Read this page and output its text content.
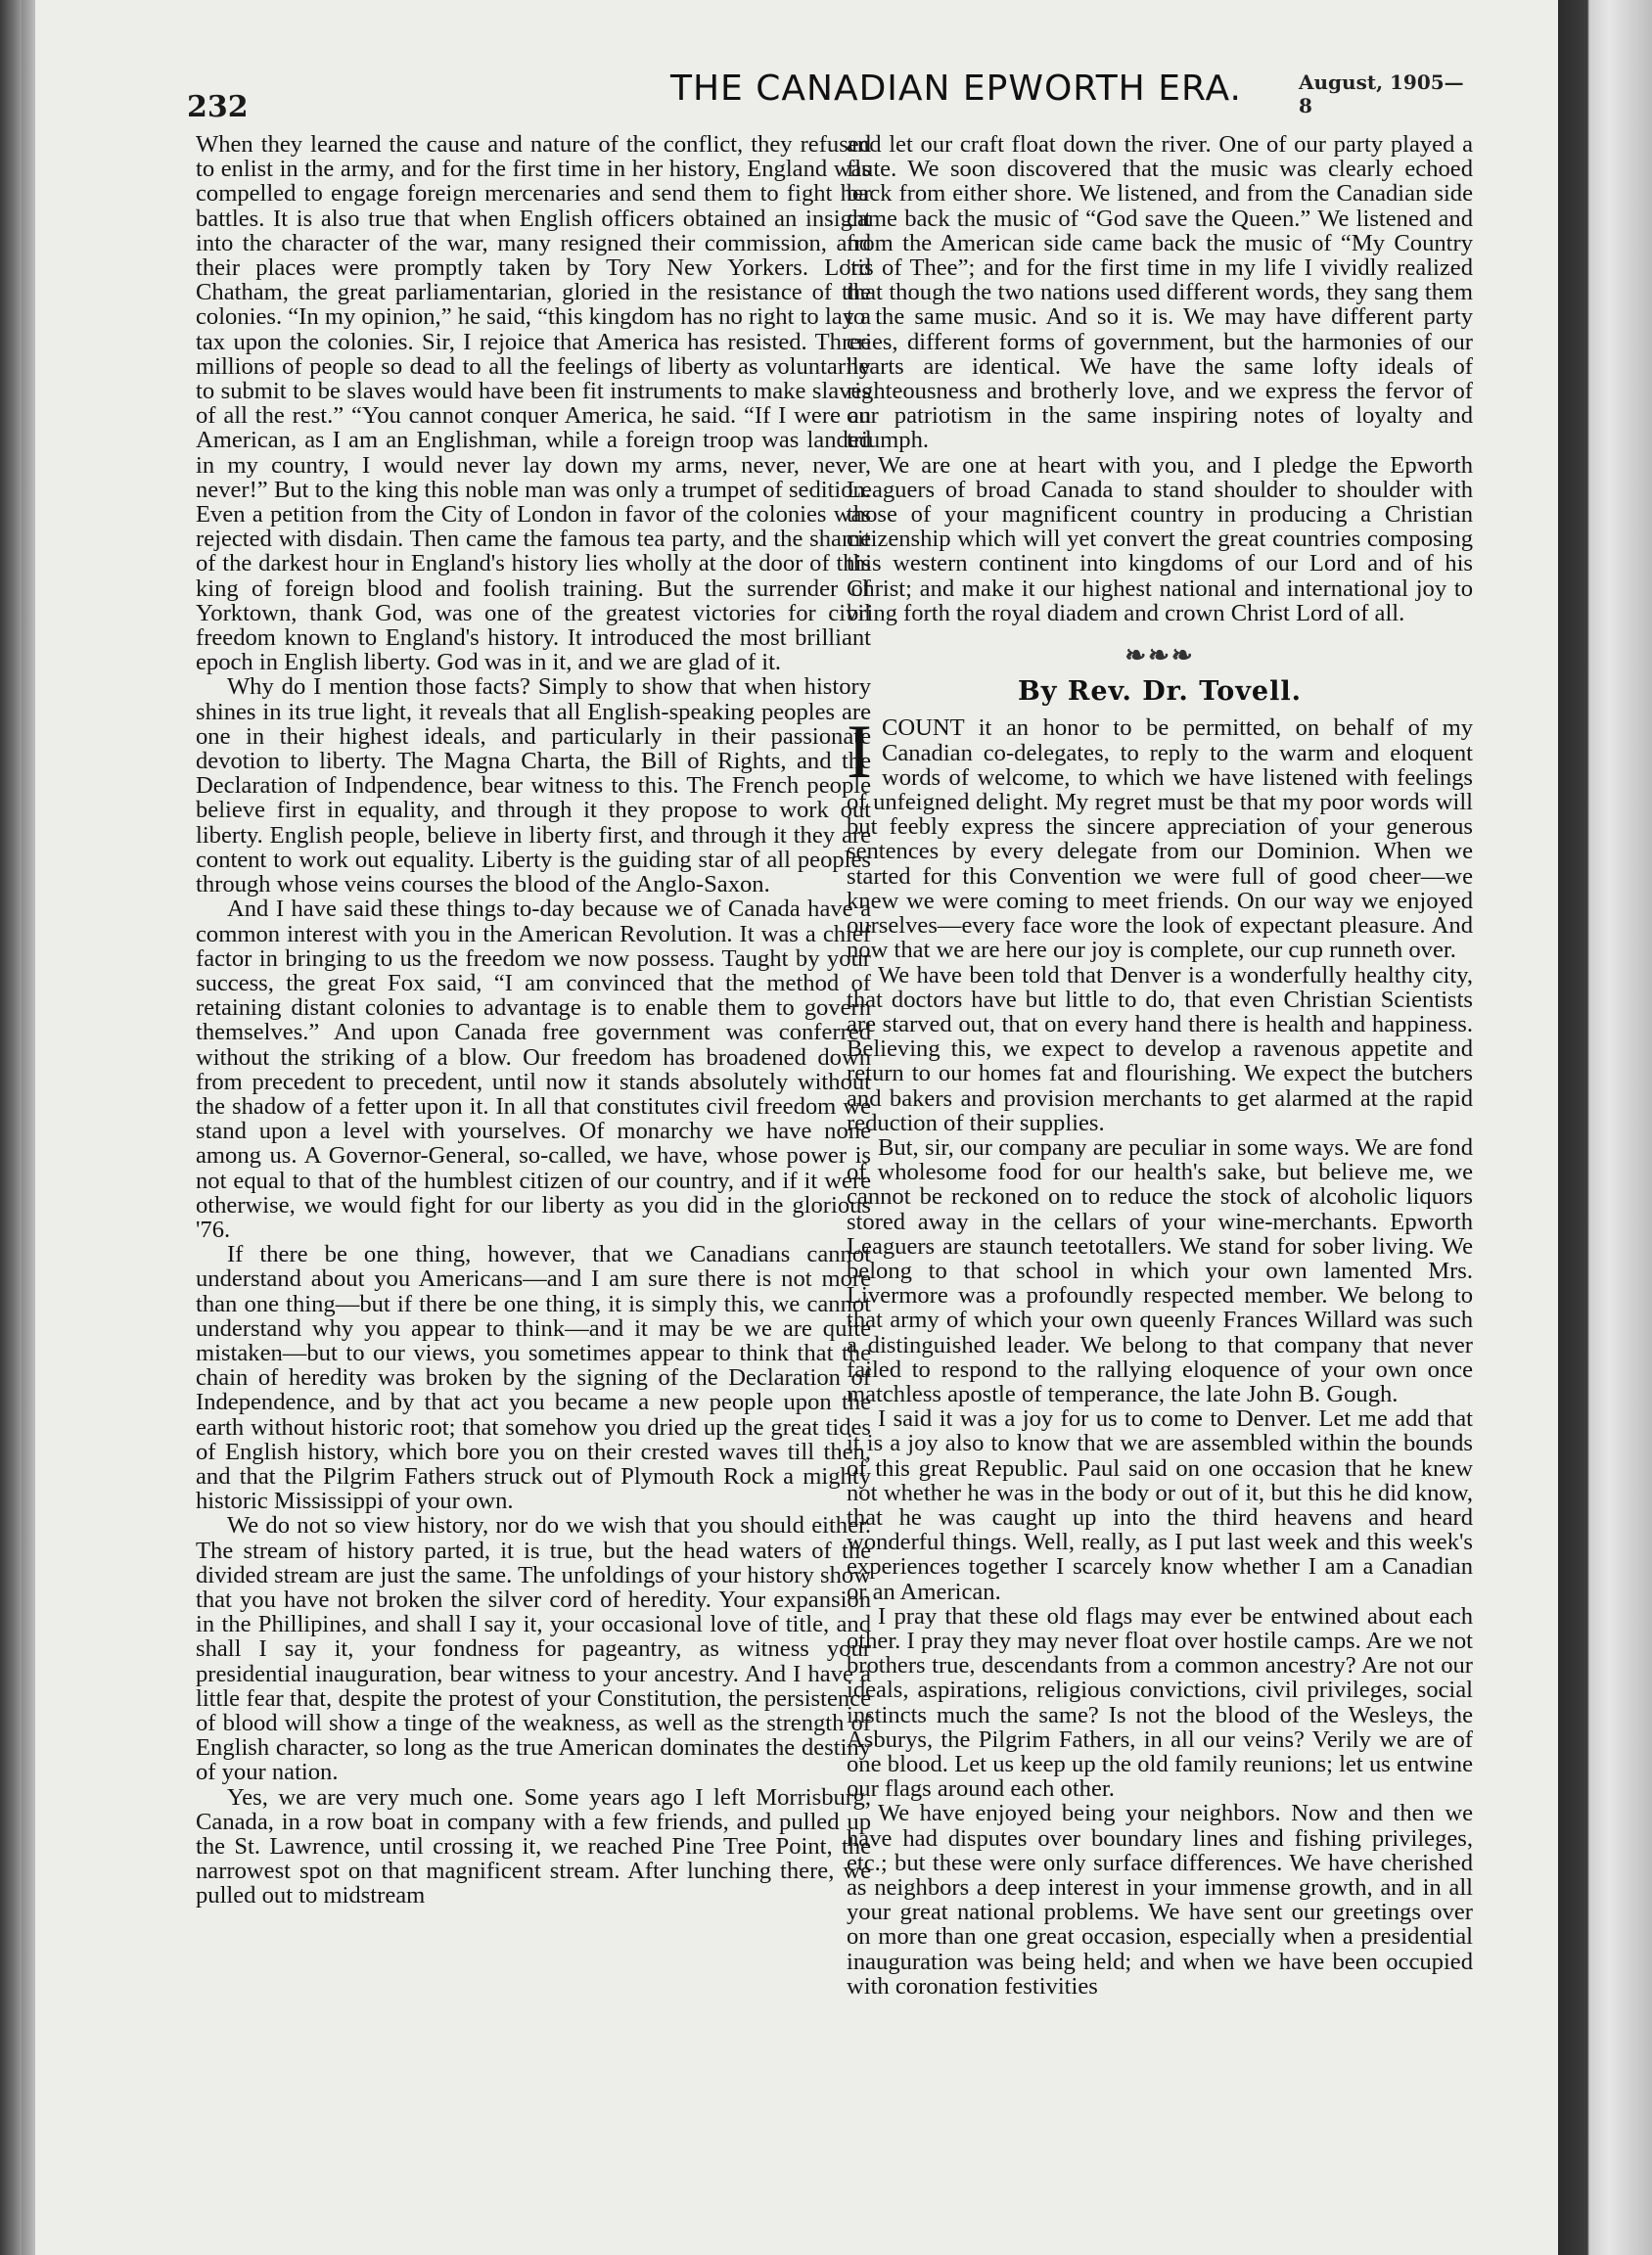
232	THE CANADIAN EPWORTH ERA.	August, 1905—8

When they learned the cause and nature of the conflict, they refused to enlist in the army, and for the first time in her history, England was compelled to engage foreign mercenaries and send them to fight her battles. It is also true that when English officers obtained an insight into the character of the war, many resigned their commission, and their places were promptly taken by Tory New Yorkers. Lord Chatham, the great parliamentarian, gloried in the resistance of the colonies. “In my opinion,” he said, “this kingdom has no right to lay a tax upon the colonies. Sir, I rejoice that America has resisted. Three millions of people so dead to all the feelings of liberty as voluntarily to submit to be slaves would have been fit instruments to make slaves of all the rest.” “You cannot conquer America, he said. “If I were an American, as I am an Englishman, while a foreign troop was landed in my country, I would never lay down my arms, never, never, never!” But to the king this noble man was only a trumpet of sedition. Even a petition from the City of London in favor of the colonies was rejected with disdain. Then came the famous tea party, and the shame of the darkest hour in England's history lies wholly at the door of this king of foreign blood and foolish training. But the surrender of Yorktown, thank God, was one of the greatest victories for civil freedom known to England's history. It introduced the most brilliant epoch in English liberty. God was in it, and we are glad of it.

Why do I mention those facts? Simply to show that when history shines in its true light, it reveals that all English-speaking peoples are one in their highest ideals, and particularly in their passionate devotion to liberty. The Magna Charta, the Bill of Rights, and the Declaration of Indpendence, bear witness to this. The French people believe first in equality, and through it they propose to work out liberty. English people, believe in liberty first, and through it they are content to work out equality. Liberty is the guiding star of all peoples through whose veins courses the blood of the Anglo-Saxon.

And I have said these things to-day because we of Canada have a common interest with you in the American Revolution. It was a chief factor in bringing to us the freedom we now possess. Taught by your success, the great Fox said, “I am convinced that the method of retaining distant colonies to advantage is to enable them to govern themselves.” And upon Canada free government was conferred without the striking of a blow. Our freedom has broadened down from precedent to precedent, until now it stands absolutely without the shadow of a fetter upon it. In all that constitutes civil freedom we stand upon a level with yourselves. Of monarchy we have none among us. A Governor-General, so-called, we have, whose power is not equal to that of the humblest citizen of our country, and if it were otherwise, we would fight for our liberty as you did in the glorious '76.

If there be one thing, however, that we Canadians cannot understand about you Americans—and I am sure there is not more than one thing—but if there be one thing, it is simply this, we cannot understand why you appear to think—and it may be we are quite mistaken—but to our views, you sometimes appear to think that the chain of heredity was broken by the signing of the Declaration of Independence, and by that act you became a new people upon the earth without historic root; that somehow you dried up the great tides of English history, which bore you on their crested waves till then, and that the Pilgrim Fathers struck out of Plymouth Rock a mighty historic Mississippi of your own.

We do not so view history, nor do we wish that you should either. The stream of history parted, it is true, but the head waters of the divided stream are just the same. The unfoldings of your history show that you have not broken the silver cord of heredity. Your expansion in the Phillipines, and shall I say it, your occasional love of title, and shall I say it, your fondness for pageantry, as witness your presidential inauguration, bear witness to your ancestry. And I have a little fear that, despite the protest of your Constitution, the persistence of blood will show a tinge of the weakness, as well as the strength of English character, so long as the true American dominates the destiny of your nation.

Yes, we are very much one. Some years ago I left Morrisburg, Canada, in a row boat in company with a few friends, and pulled up the St. Lawrence, until crossing it, we reached Pine Tree Point, the narrowest spot on that magnificent stream. After lunching there, we pulled out to midstream

and let our craft float down the river. One of our party played a flute. We soon discovered that the music was clearly echoed back from either shore. We listened, and from the Canadian side came back the music of “God save the Queen.” We listened and from the American side came back the music of “My Country 'tis of Thee”; and for the first time in my life I vividly realized that though the two nations used different words, they sang them to the same music. And so it is. We may have different party cries, different forms of government, but the harmonies of our hearts are identical. We have the same lofty ideals of righteousness and brotherly love, and we express the fervor of our patriotism in the same inspiring notes of loyalty and triumph.

We are one at heart with you, and I pledge the Epworth Leaguers of broad Canada to stand shoulder to shoulder with those of your magnificent country in producing a Christian citizenship which will yet convert the great countries composing this western continent into kingdoms of our Lord and of his Christ; and make it our highest national and international joy to bring forth the royal diadem and crown Christ Lord of all.

❧❧❧
By Rev. Dr. Tovell.

ICOUNT it an honor to be permitted, on behalf of my Canadian co-delegates, to reply to the warm and eloquent words of welcome, to which we have listened with feelings of unfeigned delight. My regret must be that my poor words will but feebly express the sincere appreciation of your generous sentences by every delegate from our Dominion. When we started for this Convention we were full of good cheer—we knew we were coming to meet friends. On our way we enjoyed ourselves—every face wore the look of expectant pleasure. And now that we are here our joy is complete, our cup runneth over.

We have been told that Denver is a wonderfully healthy city, that doctors have but little to do, that even Christian Scientists are starved out, that on every hand there is health and happiness. Believing this, we expect to develop a ravenous appetite and return to our homes fat and flourishing. We expect the butchers and bakers and provision merchants to get alarmed at the rapid reduction of their supplies.

But, sir, our company are peculiar in some ways. We are fond of wholesome food for our health's sake, but believe me, we cannot be reckoned on to reduce the stock of alcoholic liquors stored away in the cellars of your wine-merchants. Epworth Leaguers are staunch teetotallers. We stand for sober living. We belong to that school in which your own lamented Mrs. Livermore was a profoundly respected member. We belong to that army of which your own queenly Frances Willard was such a distinguished leader. We belong to that company that never failed to respond to the rallying eloquence of your own once matchless apostle of temperance, the late John B. Gough.

I said it was a joy for us to come to Denver. Let me add that it is a joy also to know that we are assembled within the bounds of this great Republic. Paul said on one occasion that he knew not whether he was in the body or out of it, but this he did know, that he was caught up into the third heavens and heard wonderful things. Well, really, as I put last week and this week's experiences together I scarcely know whether I am a Canadian or an American.

I pray that these old flags may ever be entwined about each other. I pray they may never float over hostile camps. Are we not brothers true, descendants from a common ancestry? Are not our ideals, aspirations, religious convictions, civil privileges, social instincts much the same? Is not the blood of the Wesleys, the Asburys, the Pilgrim Fathers, in all our veins? Verily we are of one blood. Let us keep up the old family reunions; let us entwine our flags around each other.

We have enjoyed being your neighbors. Now and then we have had disputes over boundary lines and fishing privileges, etc.; but these were only surface differences. We have cherished as neighbors a deep interest in your immense growth, and in all your great national problems. We have sent our greetings over on more than one great occasion, especially when a presidential inauguration was being held; and when we have been occupied with coronation festivities
